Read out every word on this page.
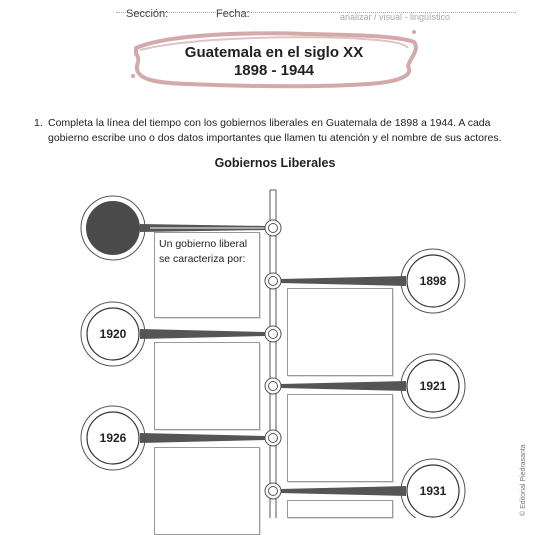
Sección:	Fecha:	analizar / visual - lingüístico
Guatemala en el siglo XX
1898 - 1944
1. Completa la línea del tiempo con los gobiernos liberales en Guatemala de 1898 a 1944. A cada gobierno escribe uno o dos datos importantes que llamen tu atención y el nombre de sus actores.
Gobiernos Liberales
Un gobierno liberal se caracteriza por:
1898
1920
1921
1926
1931	© Editorial Piedrasanta
